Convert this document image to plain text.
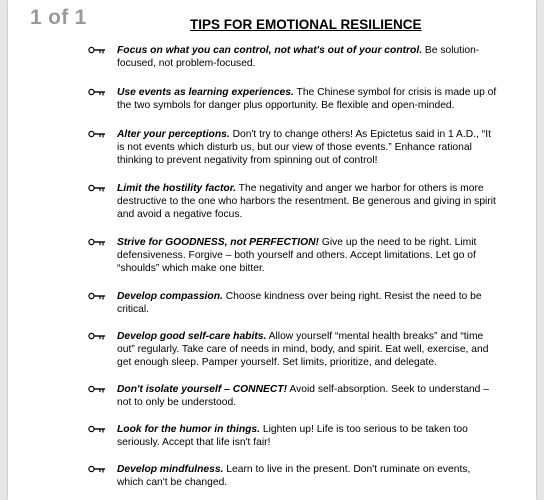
1 of 1	TIPS FOR EMOTIONAL RESILIENCE
Focus on what you can control, not what's out of your control. Be solution-focused, not problem-focused.
Use events as learning experiences. The Chinese symbol for crisis is made up of the two symbols for danger plus opportunity. Be flexible and open-minded.
Alter your perceptions. Don't try to change others! As Epictetus said in 1 A.D., “It is not events which disturb us, but our view of those events.” Enhance rational thinking to prevent negativity from spinning out of control!
Limit the hostility factor. The negativity and anger we harbor for others is more destructive to the one who harbors the resentment. Be generous and giving in spirit and avoid a negative focus.
Strive for GOODNESS, not PERFECTION! Give up the need to be right. Limit defensiveness. Forgive – both yourself and others. Accept limitations. Let go of “shoulds” which make one bitter.
Develop compassion. Choose kindness over being right. Resist the need to be critical.
Develop good self-care habits. Allow yourself “mental health breaks” and “time out” regularly. Take care of needs in mind, body, and spirit. Eat well, exercise, and get enough sleep. Pamper yourself. Set limits, prioritize, and delegate.
Don't isolate yourself – CONNECT! Avoid self-absorption. Seek to understand – not to only be understood.
Look for the humor in things. Lighten up! Life is too serious to be taken too seriously. Accept that life isn't fair!
Develop mindfulness. Learn to live in the present. Don't ruminate on events, which can't be changed.
